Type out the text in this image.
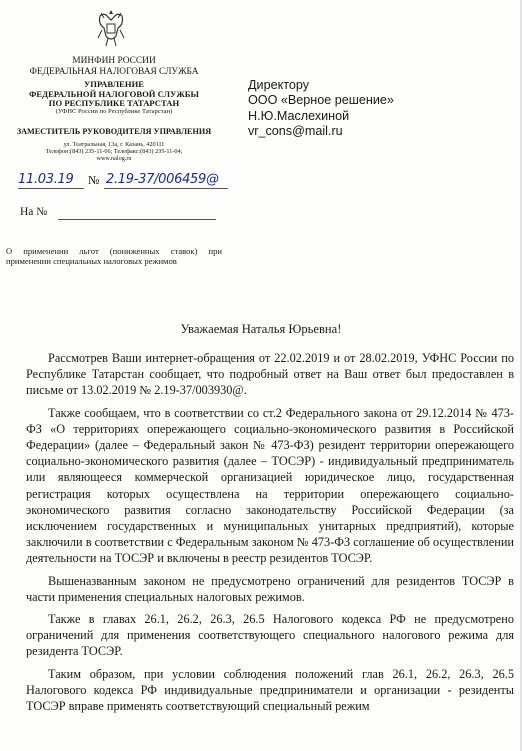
МИНФИН РОССИИ
ФЕДЕРАЛЬНАЯ НАЛОГОВАЯ СЛУЖБА
УПРАВЛЕНИЕ
ФЕДЕРАЛЬНОЙ НАЛОГОВОЙ СЛУЖБЫ
ПО РЕСПУБЛИКЕ ТАТАРСТАН
(УФНС России по Республике Татарстан)
ЗАМЕСТИТЕЛЬ РУКОВОДИТЕЛЯ УПРАВЛЕНИЯ
ул. Театральная, 13а, г. Казань, 420111
Телефон:(843) 235-11-06; Телефакс:(843) 235-11-04;
www.nalog.ru
11.03.19 № 2.19-37/006459@
На №
О применении льгот (пониженных ставок) при применении специальных налоговых режимов
Директору
ООО «Верное решение»
Н.Ю.Маслехиной
vr_cons@mail.ru
Уважаемая Наталья Юрьевна!

Рассмотрев Ваши интернет-обращения от 22.02.2019 и от 28.02.2019, УФНС России по Республике Татарстан сообщает, что подробный ответ на Ваш ответ был предоставлен в письме от 13.02.2019 № 2.19-37/003930@.

Также сообщаем, что в соответствии со ст.2 Федерального закона от 29.12.2014 № 473-ФЗ «О территориях опережающего социально-экономического развития в Российской Федерации» (далее – Федеральный закон № 473-ФЗ) резидент территории опережающего социально-экономического развития (далее – ТОСЭР) - индивидуальный предприниматель или являющееся коммерческой организацией юридическое лицо, государственная регистрация которых осуществлена на территории опережающего социально-экономического развития согласно законодательству Российской Федерации (за исключением государственных и муниципальных унитарных предприятий), которые заключили в соответствии с Федеральным законом № 473-ФЗ соглашение об осуществлении деятельности на ТОСЭР и включены в реестр резидентов ТОСЭР.

Вышеназванным законом не предусмотрено ограничений для резидентов ТОСЭР в части применения специальных налоговых режимов.

Также в главах 26.1, 26.2, 26.3, 26.5 Налогового кодекса РФ не предусмотрено ограничений для применения соответствующего специального налогового режима для резидента ТОСЭР.

Таким образом, при условии соблюдения положений глав 26.1, 26.2, 26.3, 26.5 Налогового кодекса РФ индивидуальные предприниматели и организации - резиденты ТОСЭР вправе применять соответствующий специальный режим
